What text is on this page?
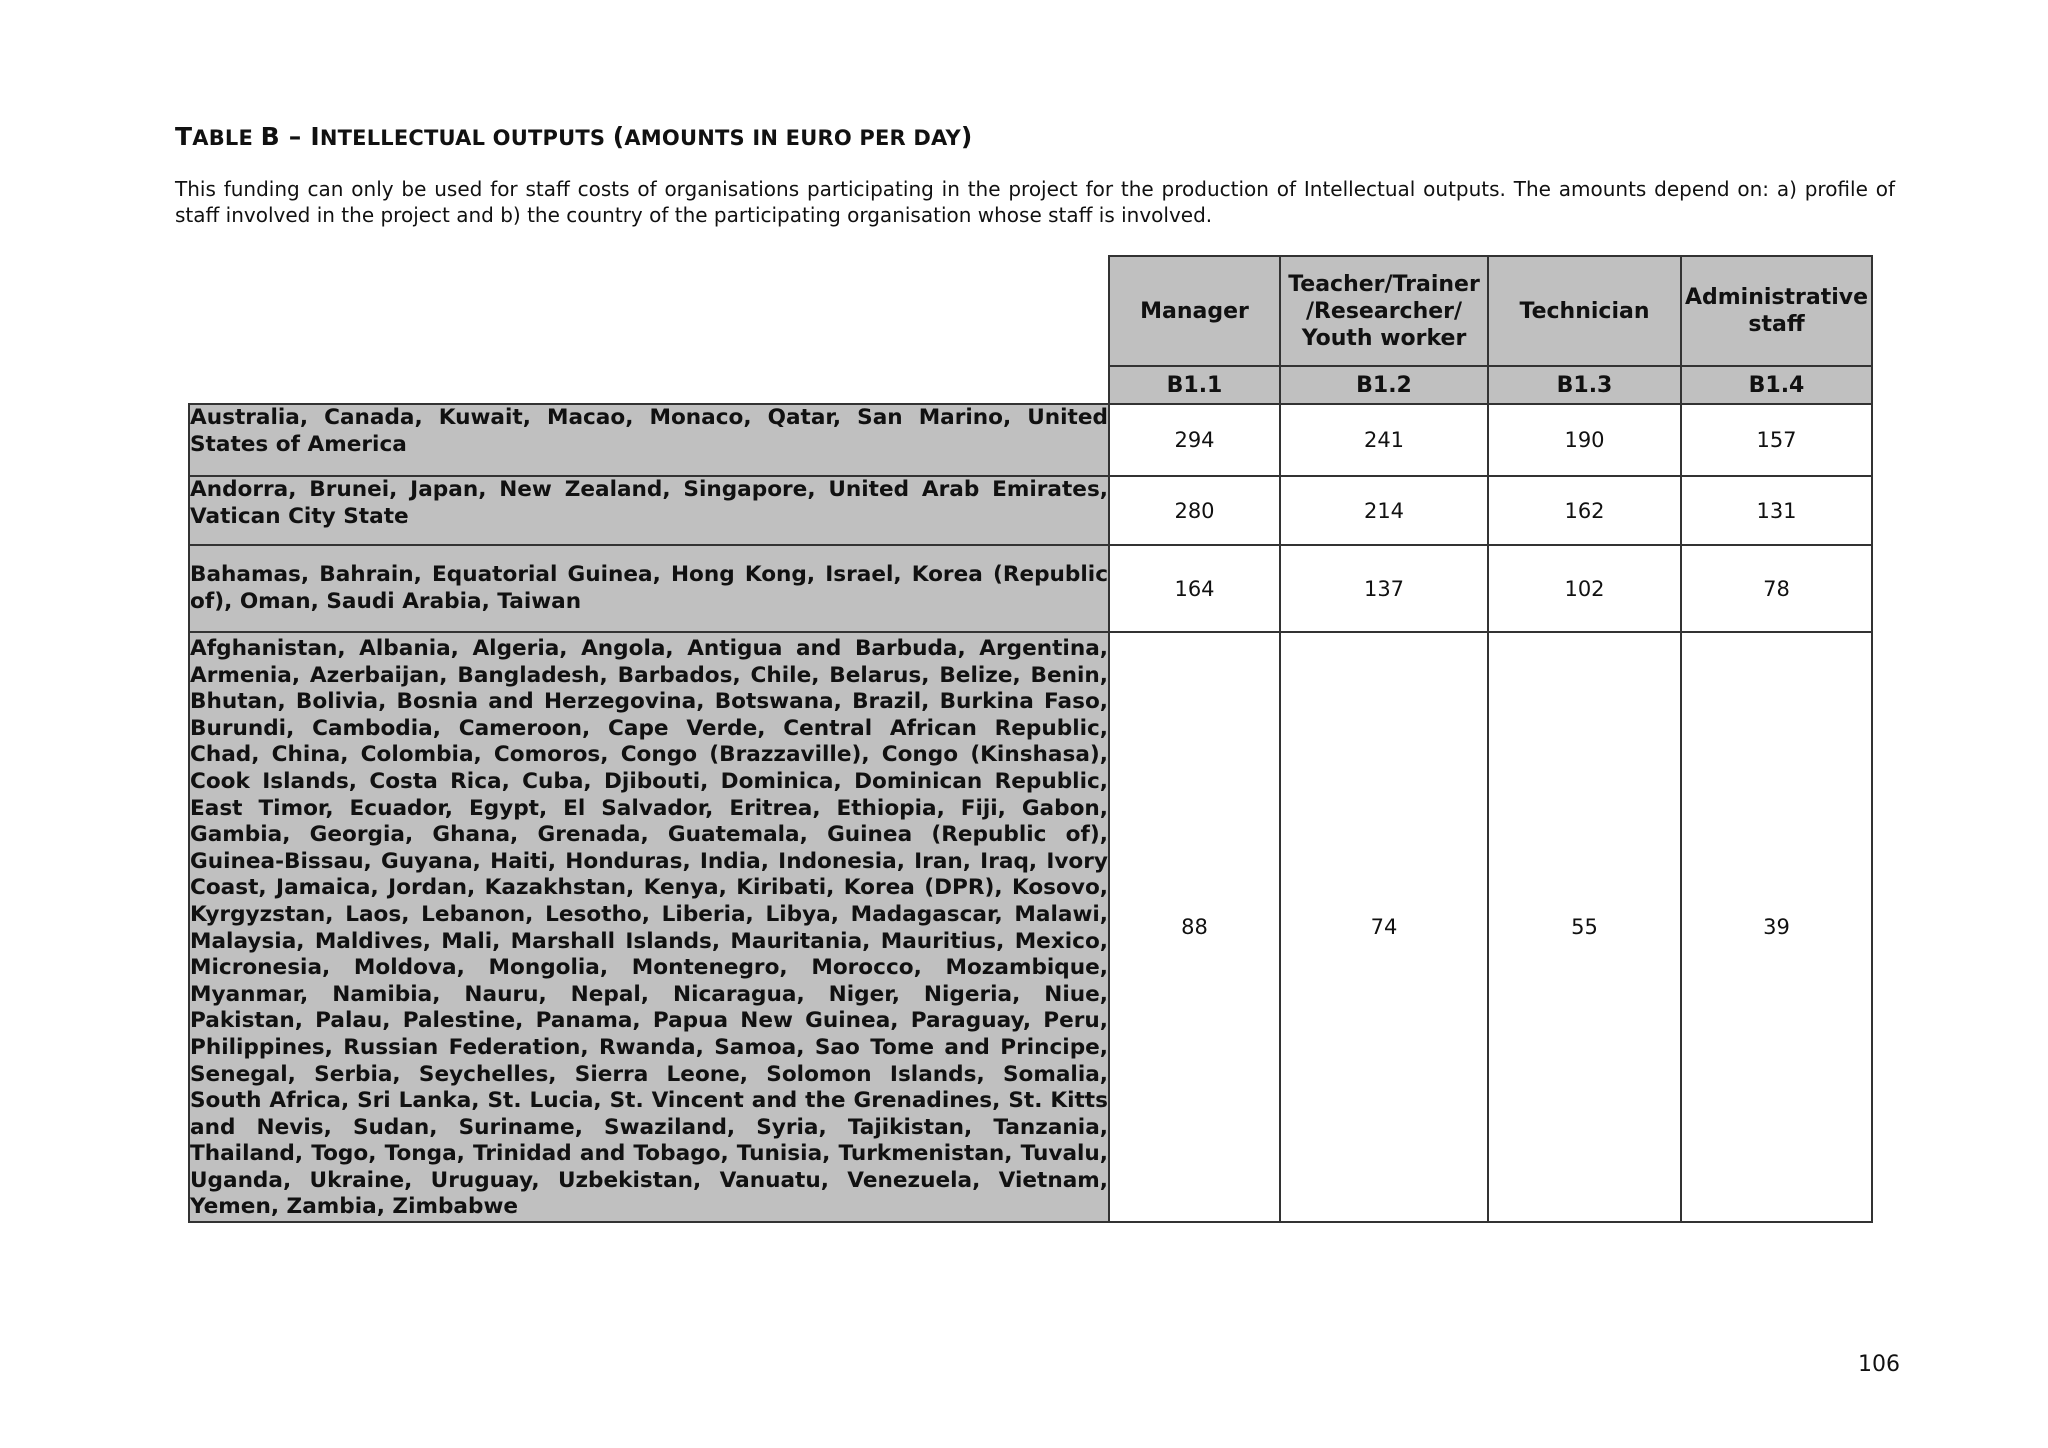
TABLE B – INTELLECTUAL OUTPUTS (AMOUNTS IN EURO PER DAY)
This funding can only be used for staff costs of organisations participating in the project for the production of Intellectual outputs. The amounts depend on: a) profile of staff involved in the project and b) the country of the participating organisation whose staff is involved.
	Manager	Teacher/Trainer /Researcher/ Youth worker	Technician	Administrative staff
	B1.1	B1.2	B1.3	B1.4
Australia, Canada, Kuwait, Macao, Monaco, Qatar, San Marino, United States of America	294	241	190	157
Andorra, Brunei, Japan, New Zealand, Singapore, United Arab Emirates, Vatican City State	280	214	162	131
Bahamas, Bahrain, Equatorial Guinea, Hong Kong, Israel, Korea (Republic of), Oman, Saudi Arabia, Taiwan	164	137	102	78
Afghanistan, Albania, Algeria, Angola, Antigua and Barbuda, Argentina, Armenia, Azerbaijan, Bangladesh, Barbados, Chile, Belarus, Belize, Benin, Bhutan, Bolivia, Bosnia and Herzegovina, Botswana, Brazil, Burkina Faso, Burundi, Cambodia, Cameroon, Cape Verde, Central African Republic, Chad, China, Colombia, Comoros, Congo (Brazzaville), Congo (Kinshasa), Cook Islands, Costa Rica, Cuba, Djibouti, Dominica, Dominican Republic, East Timor, Ecuador, Egypt, El Salvador, Eritrea, Ethiopia, Fiji, Gabon, Gambia, Georgia, Ghana, Grenada, Guatemala, Guinea (Republic of), Guinea-Bissau, Guyana, Haiti, Honduras, India, Indonesia, Iran, Iraq, Ivory Coast, Jamaica, Jordan, Kazakhstan, Kenya, Kiribati, Korea (DPR), Kosovo, Kyrgyzstan, Laos, Lebanon, Lesotho, Liberia, Libya, Madagascar, Malawi, Malaysia, Maldives, Mali, Marshall Islands, Mauritania, Mauritius, Mexico, Micronesia, Moldova, Mongolia, Montenegro, Morocco, Mozambique, Myanmar, Namibia, Nauru, Nepal, Nicaragua, Niger, Nigeria, Niue, Pakistan, Palau, Palestine, Panama, Papua New Guinea, Paraguay, Peru, Philippines, Russian Federation, Rwanda, Samoa, Sao Tome and Principe, Senegal, Serbia, Seychelles, Sierra Leone, Solomon Islands, Somalia, South Africa, Sri Lanka, St. Lucia, St. Vincent and the Grenadines, St. Kitts and Nevis, Sudan, Suriname, Swaziland, Syria, Tajikistan, Tanzania, Thailand, Togo, Tonga, Trinidad and Tobago, Tunisia, Turkmenistan, Tuvalu, Uganda, Ukraine, Uruguay, Uzbekistan, Vanuatu, Venezuela, Vietnam, Yemen, Zambia, Zimbabwe	88	74	55	39
106
